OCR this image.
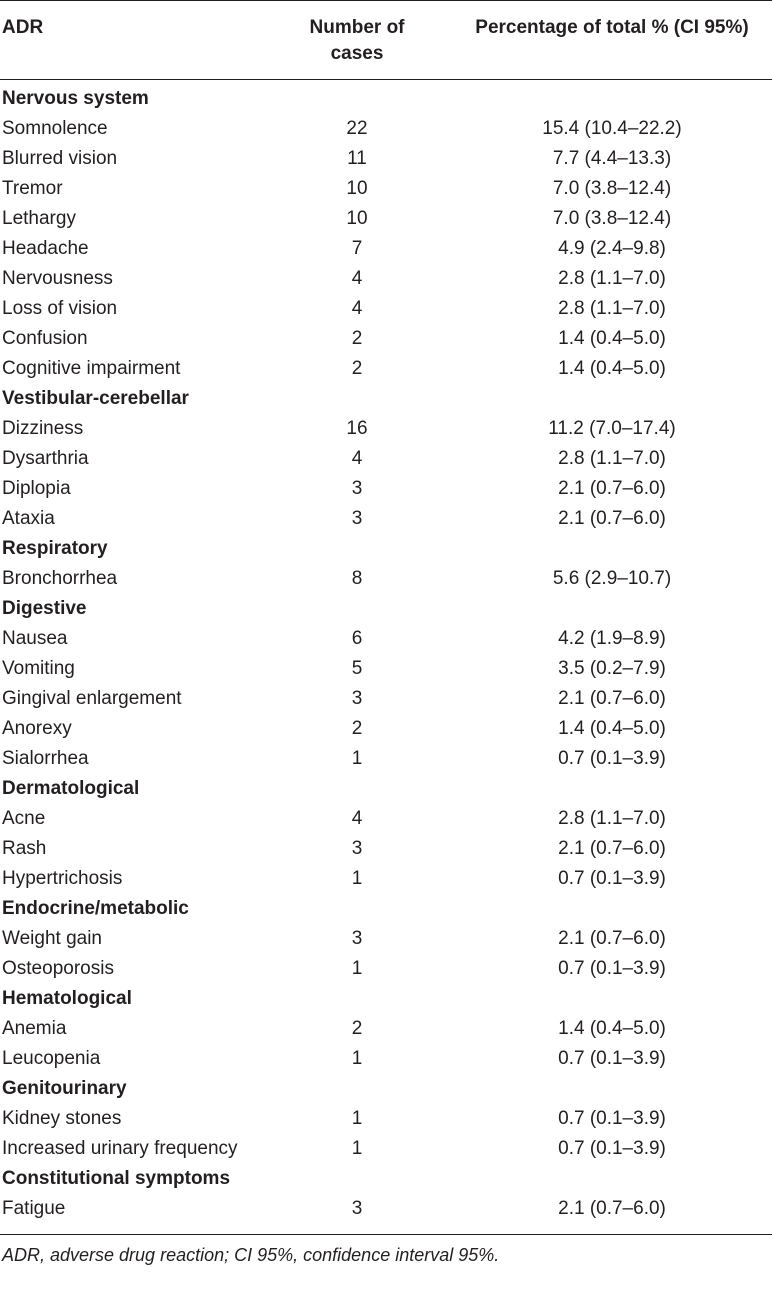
ADR	Number of cases	Percentage of total % (CI 95%)

Nervous system		
Somnolence	22	15.4 (10.4–22.2)
Blurred vision	11	7.7 (4.4–13.3)
Tremor	10	7.0 (3.8–12.4)
Lethargy	10	7.0 (3.8–12.4)
Headache	7	4.9 (2.4–9.8)
Nervousness	4	2.8 (1.1–7.0)
Loss of vision	4	2.8 (1.1–7.0)
Confusion	2	1.4 (0.4–5.0)
Cognitive impairment	2	1.4 (0.4–5.0)
Vestibular-cerebellar		
Dizziness	16	11.2 (7.0–17.4)
Dysarthria	4	2.8 (1.1–7.0)
Diplopia	3	2.1 (0.7–6.0)
Ataxia	3	2.1 (0.7–6.0)
Respiratory		
Bronchorrhea	8	5.6 (2.9–10.7)
Digestive		
Nausea	6	4.2 (1.9–8.9)
Vomiting	5	3.5 (0.2–7.9)
Gingival enlargement	3	2.1 (0.7–6.0)
Anorexy	2	1.4 (0.4–5.0)
Sialorrhea	1	0.7 (0.1–3.9)
Dermatological		
Acne	4	2.8 (1.1–7.0)
Rash	3	2.1 (0.7–6.0)
Hypertrichosis	1	0.7 (0.1–3.9)
Endocrine/metabolic		
Weight gain	3	2.1 (0.7–6.0)
Osteoporosis	1	0.7 (0.1–3.9)
Hematological		
Anemia	2	1.4 (0.4–5.0)
Leucopenia	1	0.7 (0.1–3.9)
Genitourinary		
Kidney stones	1	0.7 (0.1–3.9)
Increased urinary frequency	1	0.7 (0.1–3.9)
Constitutional symptoms		
Fatigue	3	2.1 (0.7–6.0)
ADR, adverse drug reaction; CI 95%, confidence interval 95%.
